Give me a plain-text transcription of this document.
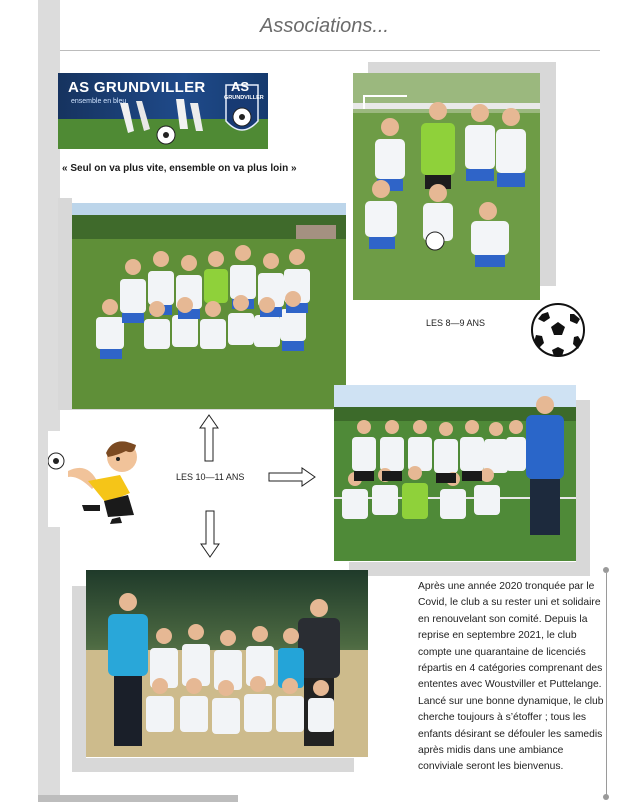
Associations...
AS GRUNDVILLER
ensemble en bleu
AS
GRUNDVILLER
« Seul on va plus vite, ensemble on va plus loin »
LES 8—9 ANS
LES 10—11 ANS

Après une année 2020 tronquée par le Covid, le club a su rester uni et solidaire en renouvelant son comité. Depuis la reprise en septembre 2021, le club compte une quarantaine de licenciés répartis en 4 catégories comprenant des ententes avec Woustviller et Puttelange. Lancé sur une bonne dynamique, le club cherche toujours à s’étoffer ; tous les enfants désirant se défouler les samedis après midis dans une ambiance conviviale seront les bienvenus.
